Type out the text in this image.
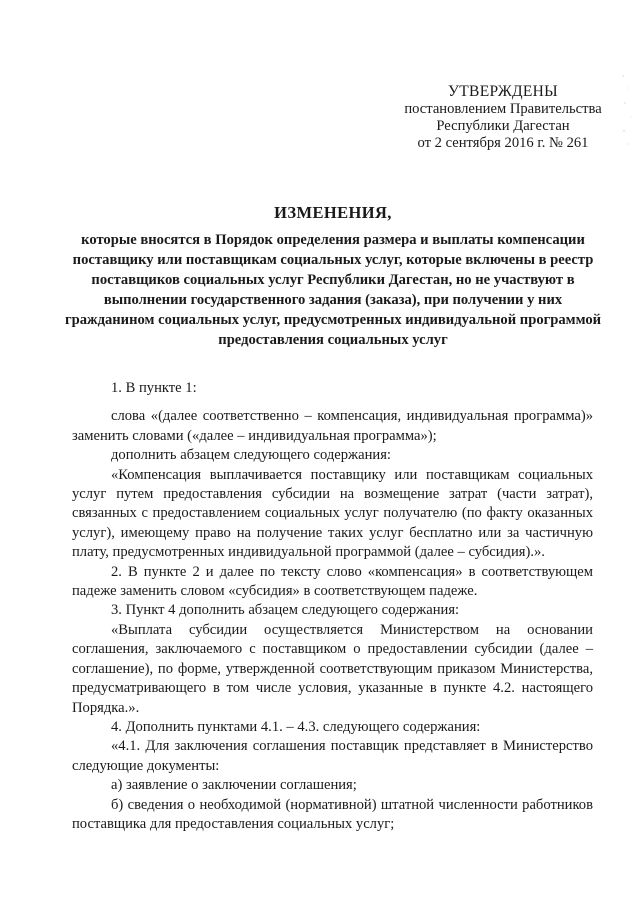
УТВЕРЖДЕНЫ
постановлением Правительства
Республики Дагестан
от 2 сентября 2016 г. № 261
ИЗМЕНЕНИЯ,
которые вносятся в Порядок определения размера и выплаты компенсации поставщику или поставщикам социальных услуг, которые включены в реестр поставщиков социальных услуг Республики Дагестан, но не участвуют в выполнении государственного задания (заказа), при получении у них гражданином социальных услуг, предусмотренных индивидуальной программой предоставления социальных услуг

1. В пункте 1:

слова «(далее соответственно – компенсация, индивидуальная программа)» заменить словами («далее – индивидуальная программа»);

дополнить абзацем следующего содержания:

«Компенсация выплачивается поставщику или поставщикам социальных услуг путем предоставления субсидии на возмещение затрат (части затрат), связанных с предоставлением социальных услуг получателю (по факту оказанных услуг), имеющему право на получение таких услуг бесплатно или за частичную плату, предусмотренных индивидуальной программой (далее – субсидия).».

2. В пункте 2 и далее по тексту слово «компенсация» в соответствующем падеже заменить словом «субсидия» в соответствующем падеже.

3. Пункт 4 дополнить абзацем следующего содержания:

«Выплата субсидии осуществляется Министерством на основании соглашения, заключаемого с поставщиком о предоставлении субсидии (далее – соглашение), по форме, утвержденной соответствующим приказом Министерства, предусматривающего в том числе условия, указанные в пункте 4.2. настоящего Порядка.».

4. Дополнить пунктами 4.1. – 4.3. следующего содержания:

«4.1. Для заключения соглашения поставщик представляет в Министерство следующие документы:

а) заявление о заключении соглашения;

б) сведения о необходимой (нормативной) штатной численности работников поставщика для предоставления социальных услуг;
